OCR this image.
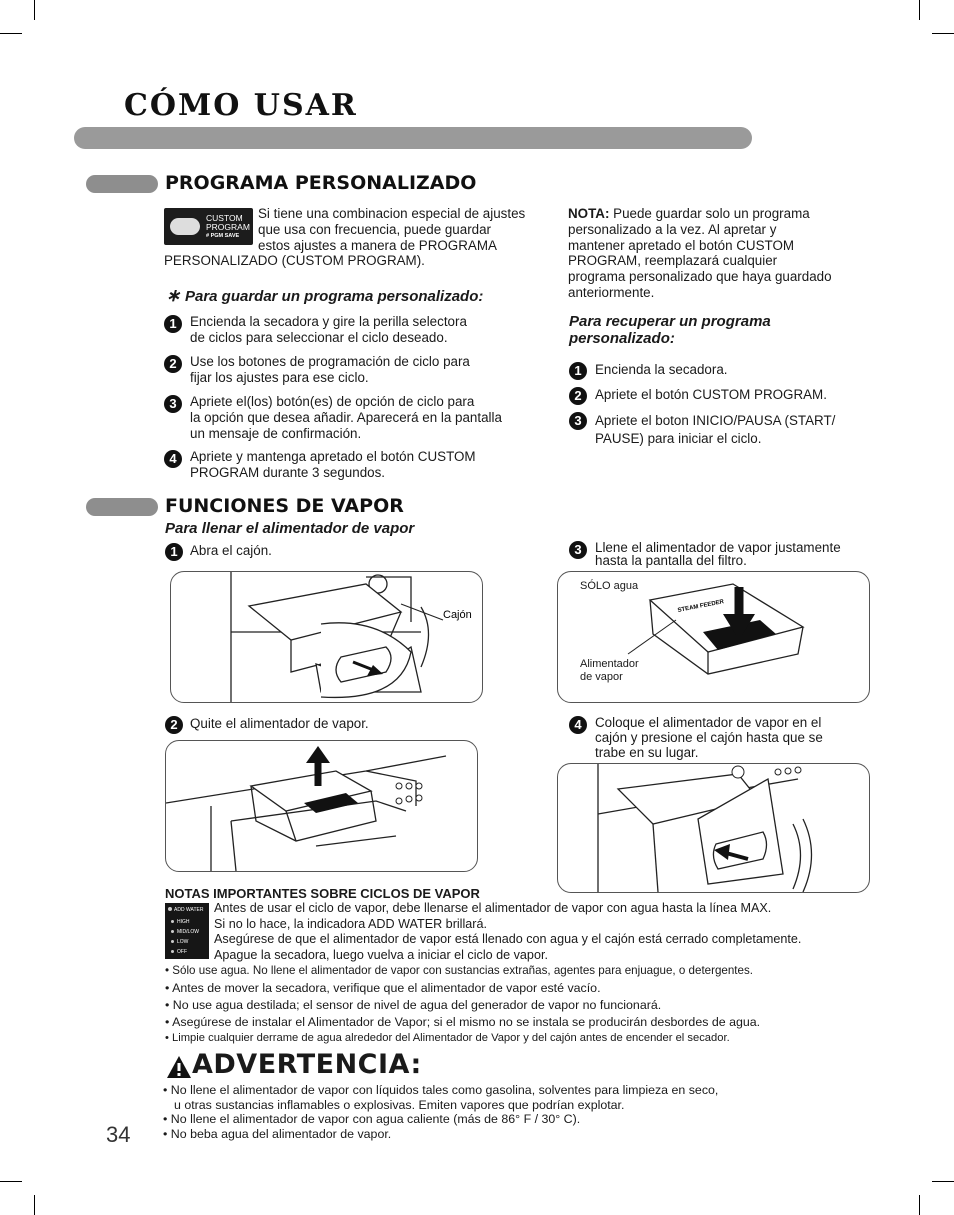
CÓMO USAR
PROGRAMA PERSONALIZADO
CUSTOM
PROGRAM
# PGM SAVE
Si tiene una combinacion especial de ajustes
que usa con frecuencia, puede guardar
estos ajustes a manera de PROGRAMA
PERSONALIZADO (CUSTOM PROGRAM).
∗ Para guardar un programa personalizado:
1 Encienda la secadora y gire la perilla selectora
de ciclos para seleccionar el ciclo deseado.
2 Use los botones de programación de ciclo para
fijar los ajustes para ese ciclo.
3 Apriete el(los) botón(es) de opción de ciclo para
la opción que desea añadir. Aparecerá en la pantalla
un mensaje de confirmación.
4 Apriete y mantenga apretado el botón CUSTOM
PROGRAM durante 3 segundos.
NOTA: Puede guardar solo un programa
personalizado a la vez. Al apretar y
mantener apretado el botón CUSTOM
PROGRAM, reemplazará cualquier
programa personalizado que haya guardado
anteriormente.
Para recuperar un programa
personalizado:
1 Encienda la secadora.
2 Apriete el botón CUSTOM PROGRAM.
3 Apriete el boton INICIO/PAUSA (START/
PAUSE) para iniciar el ciclo.
FUNCIONES DE VAPOR
Para llenar el alimentador de vapor
1 Abra el cajón.
Cajón
2 Quite el alimentador de vapor.
3 Llene el alimentador de vapor justamente
hasta la pantalla del filtro.
STEAM FEEDER
SÓLO agua
Alimentador
de vapor
4 Coloque el alimentador de vapor en el
cajón y presione el cajón hasta que se
trabe en su lugar.
NOTAS IMPORTANTES SOBRE CICLOS DE VAPOR
ADD WATER
HIGH
MID/LOW
LOW
OFF
Antes de usar el ciclo de vapor, debe llenarse el alimentador de vapor con agua hasta la línea MAX.
Si no lo hace, la indicadora ADD WATER brillará.
Asegúrese de que el alimentador de vapor está llenado con agua y el cajón está cerrado completamente.
Apague la secadora, luego vuelva a iniciar el ciclo de vapor.
• Sólo use agua. No llene el alimentador de vapor con sustancias extrañas, agentes para enjuague, o detergentes.
• Antes de mover la secadora, verifique que el alimentador de vapor esté vacío.
• No use agua destilada; el sensor de nivel de agua del generador de vapor no funcionará.
• Asegúrese de instalar el Alimentador de Vapor; si el mismo no se instala se producirán desbordes de agua.
• Limpie cualquier derrame de agua alrededor del Alimentador de Vapor y del cajón antes de encender el secador.
ADVERTENCIA:
• No llene el alimentador de vapor con líquidos tales como gasolina, solventes para limpieza en seco,
u otras sustancias inflamables o explosivas. Emiten vapores que podrían explotar.
• No llene el alimentador de vapor con agua caliente (más de 86° F / 30° C).
• No beba agua del alimentador de vapor.
34
